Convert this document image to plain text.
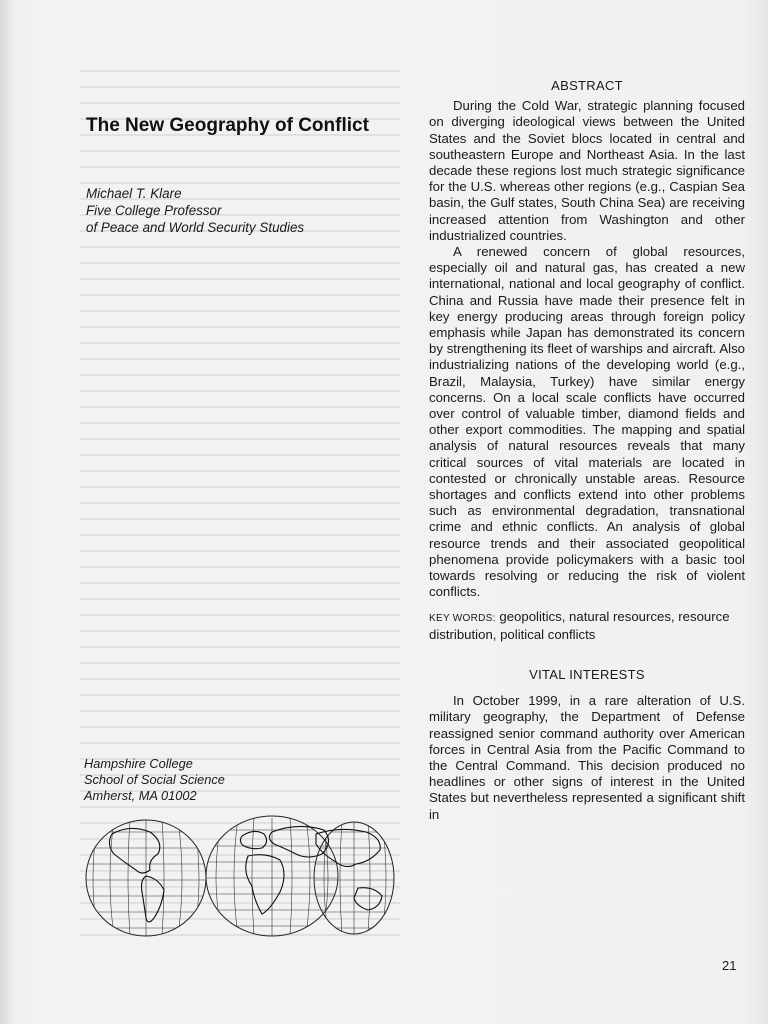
The New Geography of Conflict
Michael T. Klare
Five College Professor
of Peace and World Security Studies
Hampshire College
School of Social Science
Amherst, MA 01002
ABSTRACT

During the Cold War, strategic planning focused on diverging ideological views between the United States and the Soviet blocs located in central and southeastern Europe and Northeast Asia. In the last decade these regions lost much strategic significance for the U.S. whereas other regions (e.g., Caspian Sea basin, the Gulf states, South China Sea) are receiving increased attention from Washington and other industrialized countries.

A renewed concern of global resources, especially oil and natural gas, has created a new international, national and local geography of conflict. China and Russia have made their presence felt in key energy producing areas through foreign policy emphasis while Japan has demonstrated its concern by strengthening its fleet of warships and aircraft. Also industrializing nations of the developing world (e.g., Brazil, Malaysia, Turkey) have similar energy concerns. On a local scale conflicts have occurred over control of valuable timber, diamond fields and other export commodities. The mapping and spatial analysis of natural resources reveals that many critical sources of vital materials are located in contested or chronically unstable areas. Resource shortages and conflicts extend into other problems such as environmental degradation, transnational crime and ethnic conflicts. An analysis of global resource trends and their associated geopolitical phenomena provide policymakers with a basic tool towards resolving or reducing the risk of violent conflicts.

KEY WORDS: geopolitics, natural resources, resource distribution, political conflicts
VITAL INTERESTS

In October 1999, in a rare alteration of U.S. military geography, the Department of Defense reassigned senior command authority over American forces in Central Asia from the Pacific Command to the Central Command. This decision produced no headlines or other signs of interest in the United States but nevertheless represented a significant shift in

21
